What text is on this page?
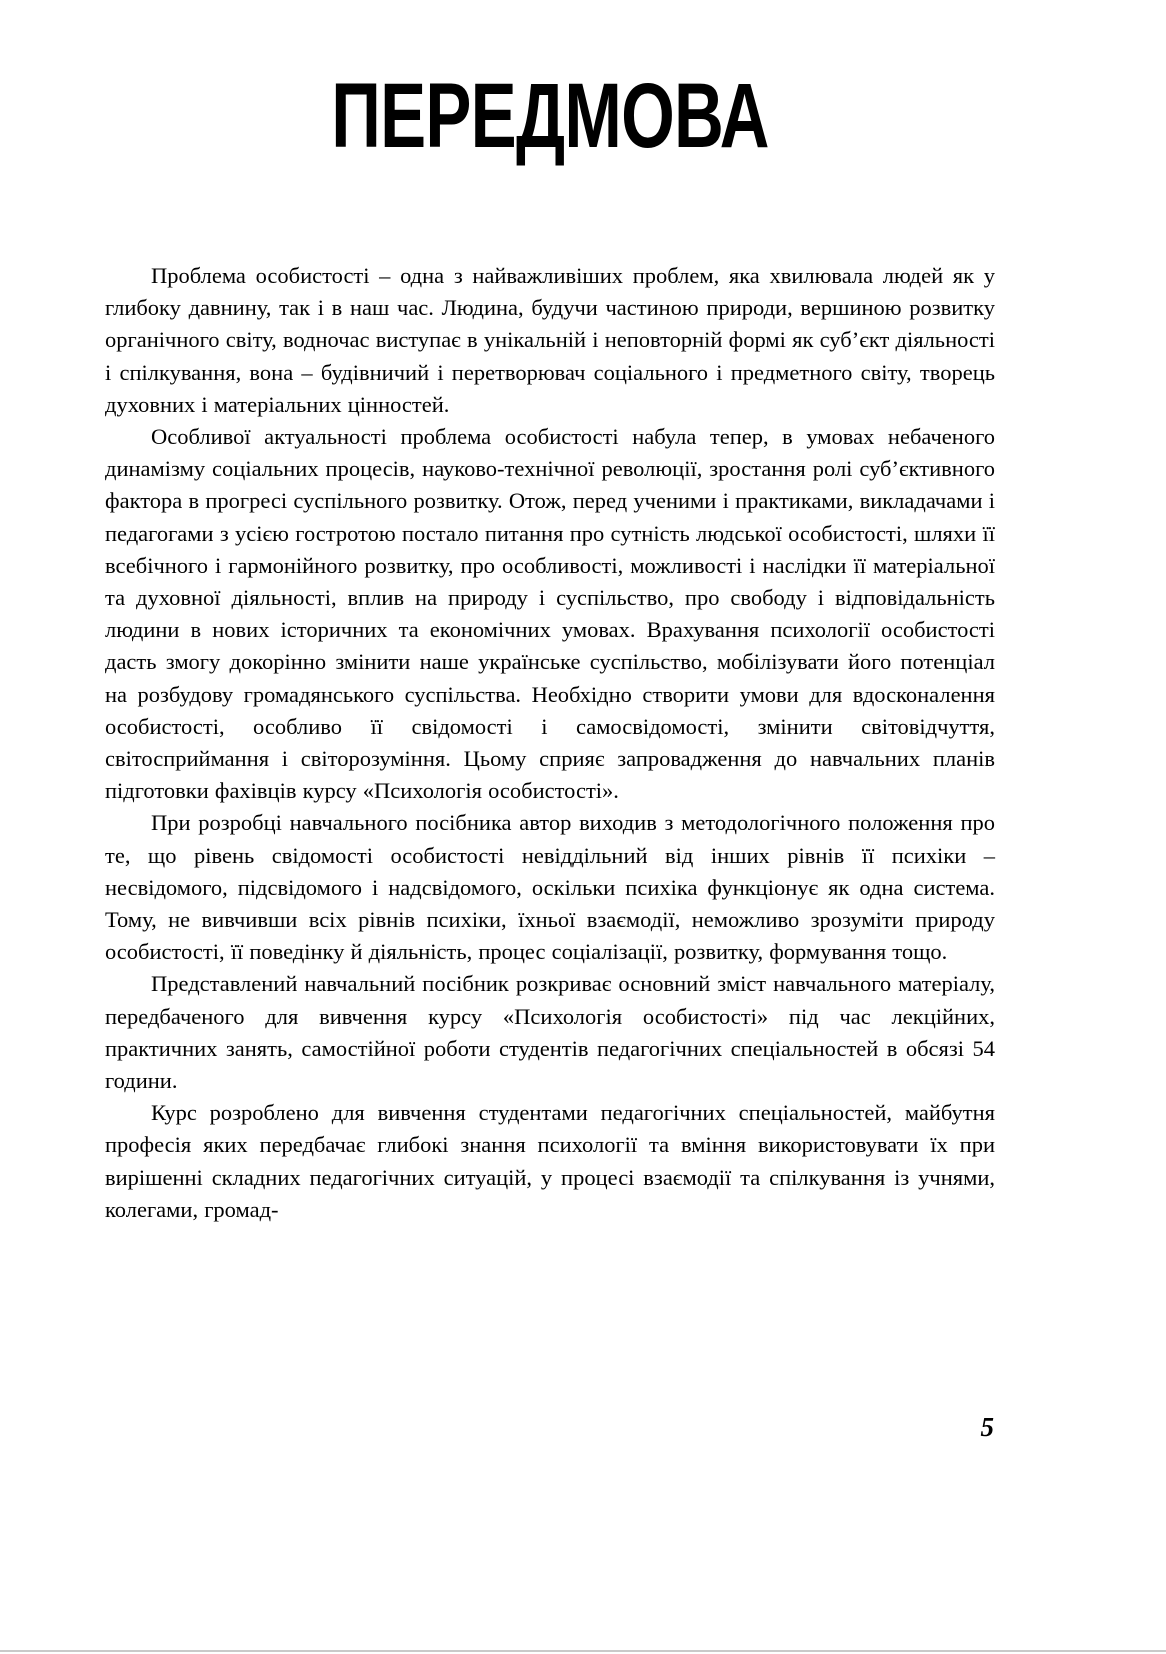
ПЕРЕДМОВА

Проблема особистості – одна з найважливіших проблем, яка хвилювала людей як у глибоку давнину, так і в наш час. Людина, будучи частиною природи, вершиною розвитку органічного світу, водночас виступає в унікальній і неповторній формі як суб’єкт діяльності і спілкування, вона – будівничий і перетворювач соціального і предметного світу, творець духовних і матеріальних цінностей.

Особливої актуальності проблема особистості набула тепер, в умовах небаченого динамізму соціальних процесів, науково-технічної революції, зростання ролі суб’єктивного фактора в прогресі суспільного розвитку. Отож, перед ученими і практиками, викладачами і педагогами з усією гостротою постало питання про сутність людської особистості, шляхи її всебічного і гармонійного розвитку, про особливості, можливості і наслідки її матеріальної та духовної діяльності, вплив на природу і суспільство, про свободу і відповідальність людини в нових історичних та економічних умовах. Врахування психології особистості дасть змогу докорінно змінити наше українське суспільство, мобілізувати його потенціал на розбудову громадянського суспільства. Необхідно створити умови для вдосконалення особистості, особливо її свідомості і самосвідомості, змінити світовідчуття, світосприймання і світорозуміння. Цьому сприяє запровадження до навчальних планів підготовки фахівців курсу «Психологія особистості».

При розробці навчального посібника автор виходив з методологічного положення про те, що рівень свідомості особистості невіддільний від інших рівнів її психіки – несвідомого, підсвідомого і надсвідомого, оскільки психіка функціонує як одна система. Тому, не вивчивши всіх рівнів психіки, їхньої взаємодії, неможливо зрозуміти природу особистості, її поведінку й діяльність, процес соціалізації, розвитку, формування тощо.

Представлений навчальний посібник розкриває основний зміст навчального матеріалу, передбаченого для вивчення курсу «Психологія особистості» під час лекційних, практичних занять, самостійної роботи студентів педагогічних спеціальностей в обсязі 54 години.

Курс розроблено для вивчення студентами педагогічних спеціальностей, майбутня професія яких передбачає глибокі знання психології та вміння використовувати їх при вирішенні складних педагогічних ситуацій, у процесі взаємодії та спілкування із учнями, колегами, громад-

5
